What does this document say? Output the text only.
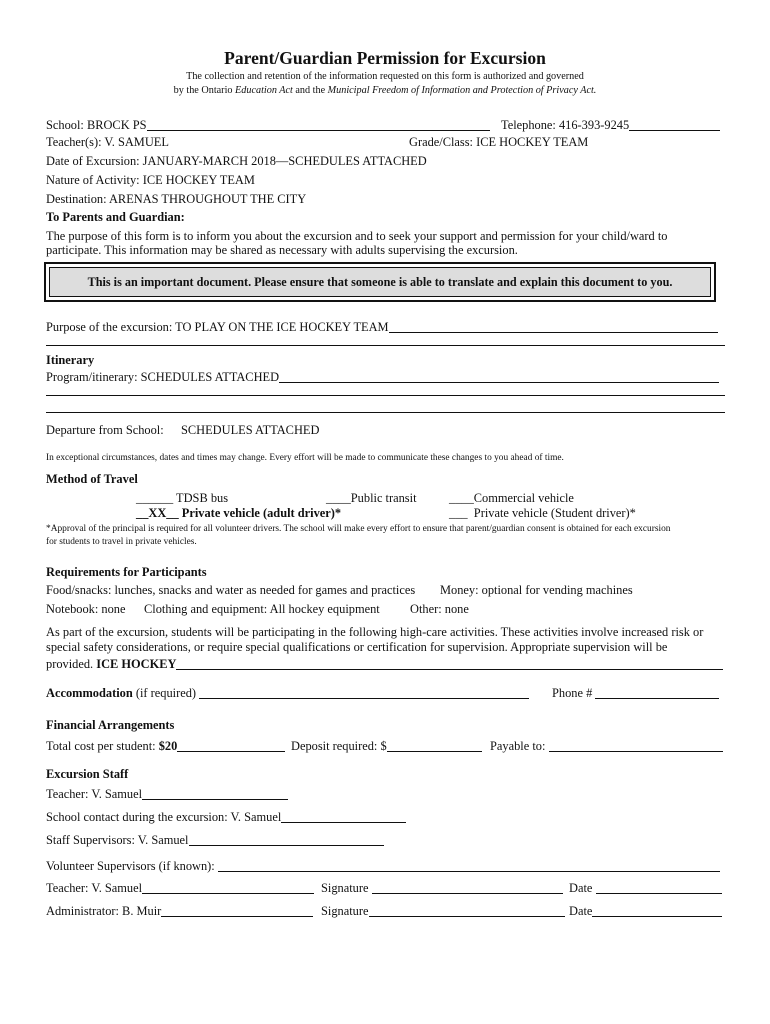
Parent/Guardian Permission for Excursion
The collection and retention of the information requested on this form is authorized and governed
by the Ontario Education Act and the Municipal Freedom of Information and Protection of Privacy Act.
School: BROCK PS	Telephone: 416-393-9245
Teacher(s): V. SAMUEL	Grade/Class: ICE HOCKEY TEAM
Date of Excursion: JANUARY-MARCH 2018—SCHEDULES ATTACHED
Nature of Activity: ICE HOCKEY TEAM
Destination: ARENAS THROUGHOUT THE CITY
To Parents and Guardian:
The purpose of this form is to inform you about the excursion and to seek your support and permission for your child/ward to
participate. This information may be shared as necessary with adults supervising the excursion.
This is an important document. Please ensure that someone is able to translate and explain this document to you.
Purpose of the excursion: TO PLAY ON THE ICE HOCKEY TEAM
Itinerary
Program/itinerary: SCHEDULES ATTACHED
Departure from School: SCHEDULES ATTACHED
In exceptional circumstances, dates and times may change. Every effort will be made to communicate these changes to you ahead of time.
Method of Travel
______ TDSB bus	____Public transit	____Commercial vehicle
__XX__ Private vehicle (adult driver)*	___ Private vehicle (Student driver)*
*Approval of the principal is required for all volunteer drivers. The school will make every effort to ensure that parent/guardian consent is obtained for each excursion
for students to travel in private vehicles.
Requirements for Participants
Food/snacks: lunches, snacks and water as needed for games and practices Money: optional for vending machines
Notebook: none Clothing and equipment: All hockey equipment Other: none
As part of the excursion, students will be participating in the following high-care activities. These activities involve increased risk or
special safety considerations, or require special qualifications or certification for supervision. Appropriate supervision will be
provided. ICE HOCKEY
Accommodation (if required)	Phone #
Financial Arrangements
Total cost per student: $20	Deposit required: $	Payable to:
Excursion Staff
Teacher: V. Samuel
School contact during the excursion: V. Samuel
Staff Supervisors: V. Samuel
Volunteer Supervisors (if known):
Teacher: V. Samuel	Signature	Date
Administrator: B. Muir	Signature	Date
